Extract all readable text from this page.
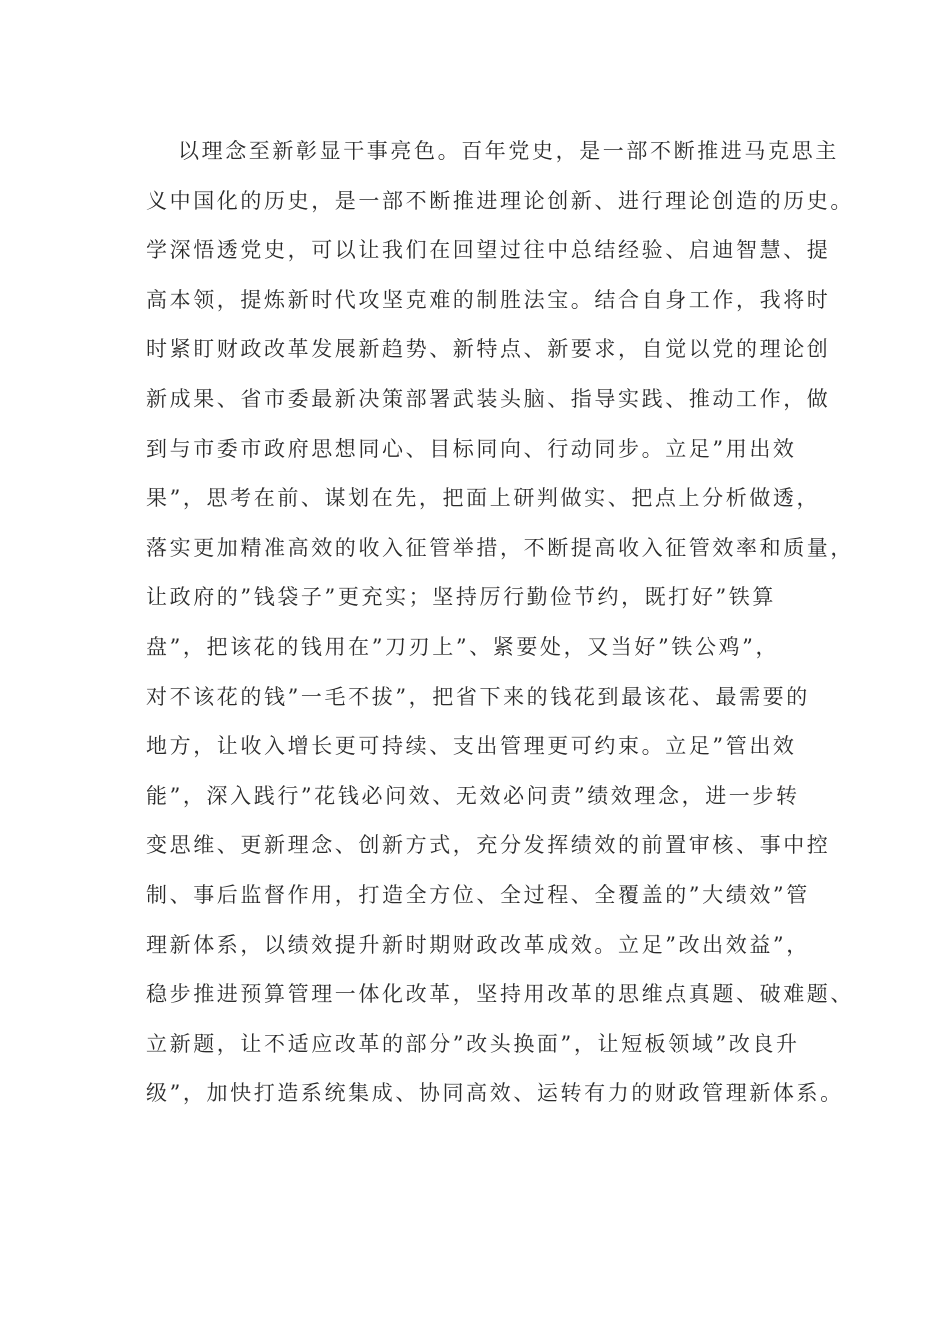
以理念至新彰显干事亮色。百年党史，是一部不断推进马克思主
义中国化的历史，是一部不断推进理论创新、进行理论创造的历史。
学深悟透党史，可以让我们在回望过往中总结经验、启迪智慧、提
高本领，提炼新时代攻坚克难的制胜法宝。结合自身工作，我将时
时紧盯财政改革发展新趋势、新特点、新要求，自觉以党的理论创
新成果、省市委最新决策部署武装头脑、指导实践、推动工作，做
到与市委市政府思想同心、目标同向、行动同步。立足”用出效
果”，思考在前、谋划在先，把面上研判做实、把点上分析做透，
落实更加精准高效的收入征管举措，不断提高收入征管效率和质量，
让政府的”钱袋子”更充实；坚持厉行勤俭节约，既打好”铁算
盘”，把该花的钱用在”刀刃上”、紧要处，又当好”铁公鸡”，
对不该花的钱”一毛不拔”，把省下来的钱花到最该花、最需要的
地方，让收入增长更可持续、支出管理更可约束。立足”管出效
能”，深入践行”花钱必问效、无效必问责”绩效理念，进一步转
变思维、更新理念、创新方式，充分发挥绩效的前置审核、事中控
制、事后监督作用，打造全方位、全过程、全覆盖的”大绩效”管
理新体系，以绩效提升新时期财政改革成效。立足”改出效益”，
稳步推进预算管理一体化改革，坚持用改革的思维点真题、破难题、
立新题，让不适应改革的部分”改头换面”，让短板领域”改良升
级”，加快打造系统集成、协同高效、运转有力的财政管理新体系。
